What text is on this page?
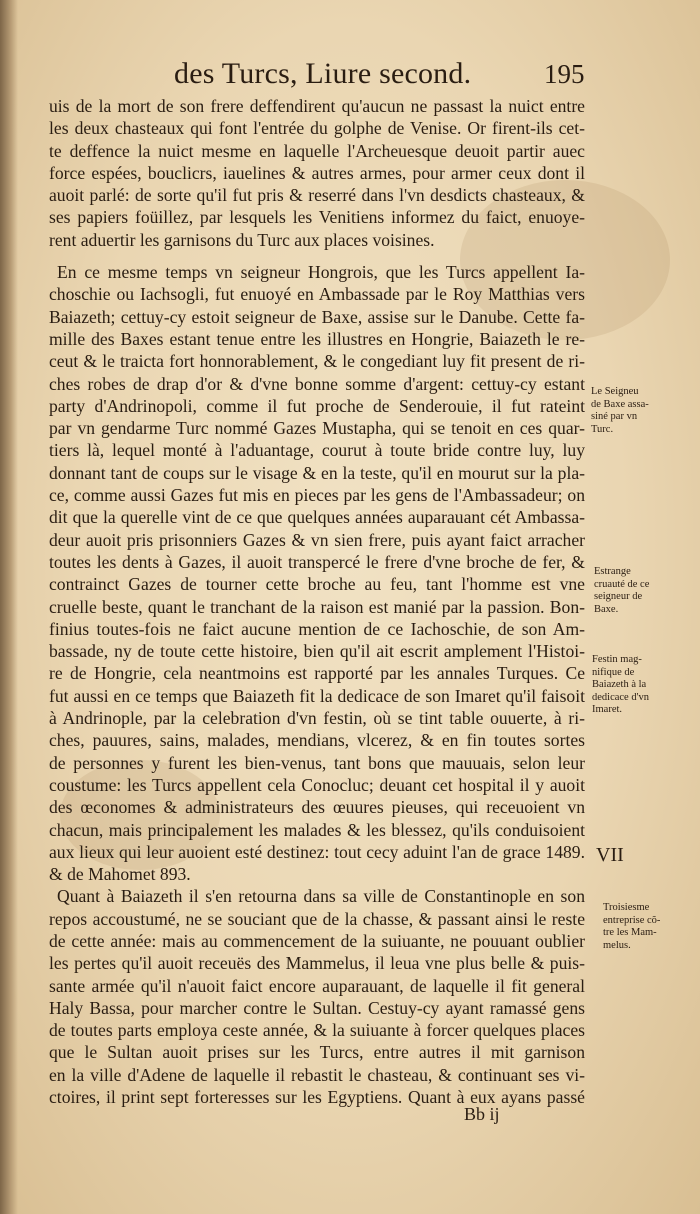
des Turcs, Liure second.	195
uis de la mort de son frere deffendirent qu'aucun ne passast la nuict entre
les deux chasteaux qui font l'entrée du golphe de Venise. Or firent-ils cet-
te deffence la nuict mesme en laquelle l'Archeuesque deuoit partir auec
force espées, bouclicrs, iauelines & autres armes, pour armer ceux dont il
auoit parlé: de sorte qu'il fut pris & reserré dans l'vn desdicts chasteaux, &
ses papiers foüillez, par lesquels les Venitiens informez du faict, enuoye-
rent aduertir les garnisons du Turc aux places voisines.
En ce mesme temps vn seigneur Hongrois, que les Turcs appellent Ia-
choschie ou Iachsogli, fut enuoyé en Ambassade par le Roy Matthias vers
Baiazeth; cettuy-cy estoit seigneur de Baxe, assise sur le Danube. Cette fa-
mille des Baxes estant tenue entre les illustres en Hongrie, Baiazeth le re-
ceut & le traicta fort honnorablement, & le congediant luy fit present de ri-
ches robes de drap d'or & d'vne bonne somme d'argent: cettuy-cy estant
party d'Andrinopoli, comme il fut proche de Senderouie, il fut rateint
par vn gendarme Turc nommé Gazes Mustapha, qui se tenoit en ces quar-
tiers là, lequel monté à l'aduantage, courut à toute bride contre luy, luy
donnant tant de coups sur le visage & en la teste, qu'il en mourut sur la pla-
ce, comme aussi Gazes fut mis en pieces par les gens de l'Ambassadeur; on
dit que la querelle vint de ce que quelques années auparauant cét Ambassa-
deur auoit pris prisonniers Gazes & vn sien frere, puis ayant faict arracher
toutes les dents à Gazes, il auoit transpercé le frere d'vne broche de fer, &
contrainct Gazes de tourner cette broche au feu, tant l'homme est vne
cruelle beste, quant le tranchant de la raison est manié par la passion. Bon-
finius toutes-fois ne faict aucune mention de ce Iachoschie, de son Am-
bassade, ny de toute cette histoire, bien qu'il ait escrit amplement l'Histoi-
re de Hongrie, cela neantmoins est rapporté par les annales Turques. Ce
fut aussi en ce temps que Baiazeth fit la dedicace de son Imaret qu'il faisoit
à Andrinople, par la celebration d'vn festin, où se tint table ouuerte, à ri-
ches, pauures, sains, malades, mendians, vlcerez, & en fin toutes sortes
de personnes y furent les bien-venus, tant bons que mauuais, selon leur
coustume: les Turcs appellent cela Conocluc; deuant cet hospital il y auoit
des œconomes & administrateurs des œuures pieuses, qui receuoient vn
chacun, mais principalement les malades & les blessez, qu'ils conduisoient
aux lieux qui leur auoient esté destinez: tout cecy aduint l'an de grace 1489.
& de Mahomet 893.
Quant à Baiazeth il s'en retourna dans sa ville de Constantinople en son
repos accoustumé, ne se souciant que de la chasse, & passant ainsi le reste
de cette année: mais au commencement de la suiuante, ne pouuant oublier
les pertes qu'il auoit receuës des Mammelus, il leua vne plus belle & puis-
sante armée qu'il n'auoit faict encore auparauant, de laquelle il fit general
Haly Bassa, pour marcher contre le Sultan. Cestuy-cy ayant ramassé gens
de toutes parts employa ceste année, & la suiuante à forcer quelques places
que le Sultan auoit prises sur les Turcs, entre autres il mit garnison
en la ville d'Adene de laquelle il rebastit le chasteau, & continuant ses vi-
ctoires, il print sept forteresses sur les Egyptiens. Quant à eux ayans passé
Le Seigneu
de Baxe assa-
siné par vn
Turc.
Estrange
cruauté de ce
seigneur de
Baxe.
Festin mag-
nifique de
Baiazeth à la
dedicace d'vn
Imaret.
VII
Troisiesme
entreprise cõ-
tre les Mam-
melus.
Bb ij
